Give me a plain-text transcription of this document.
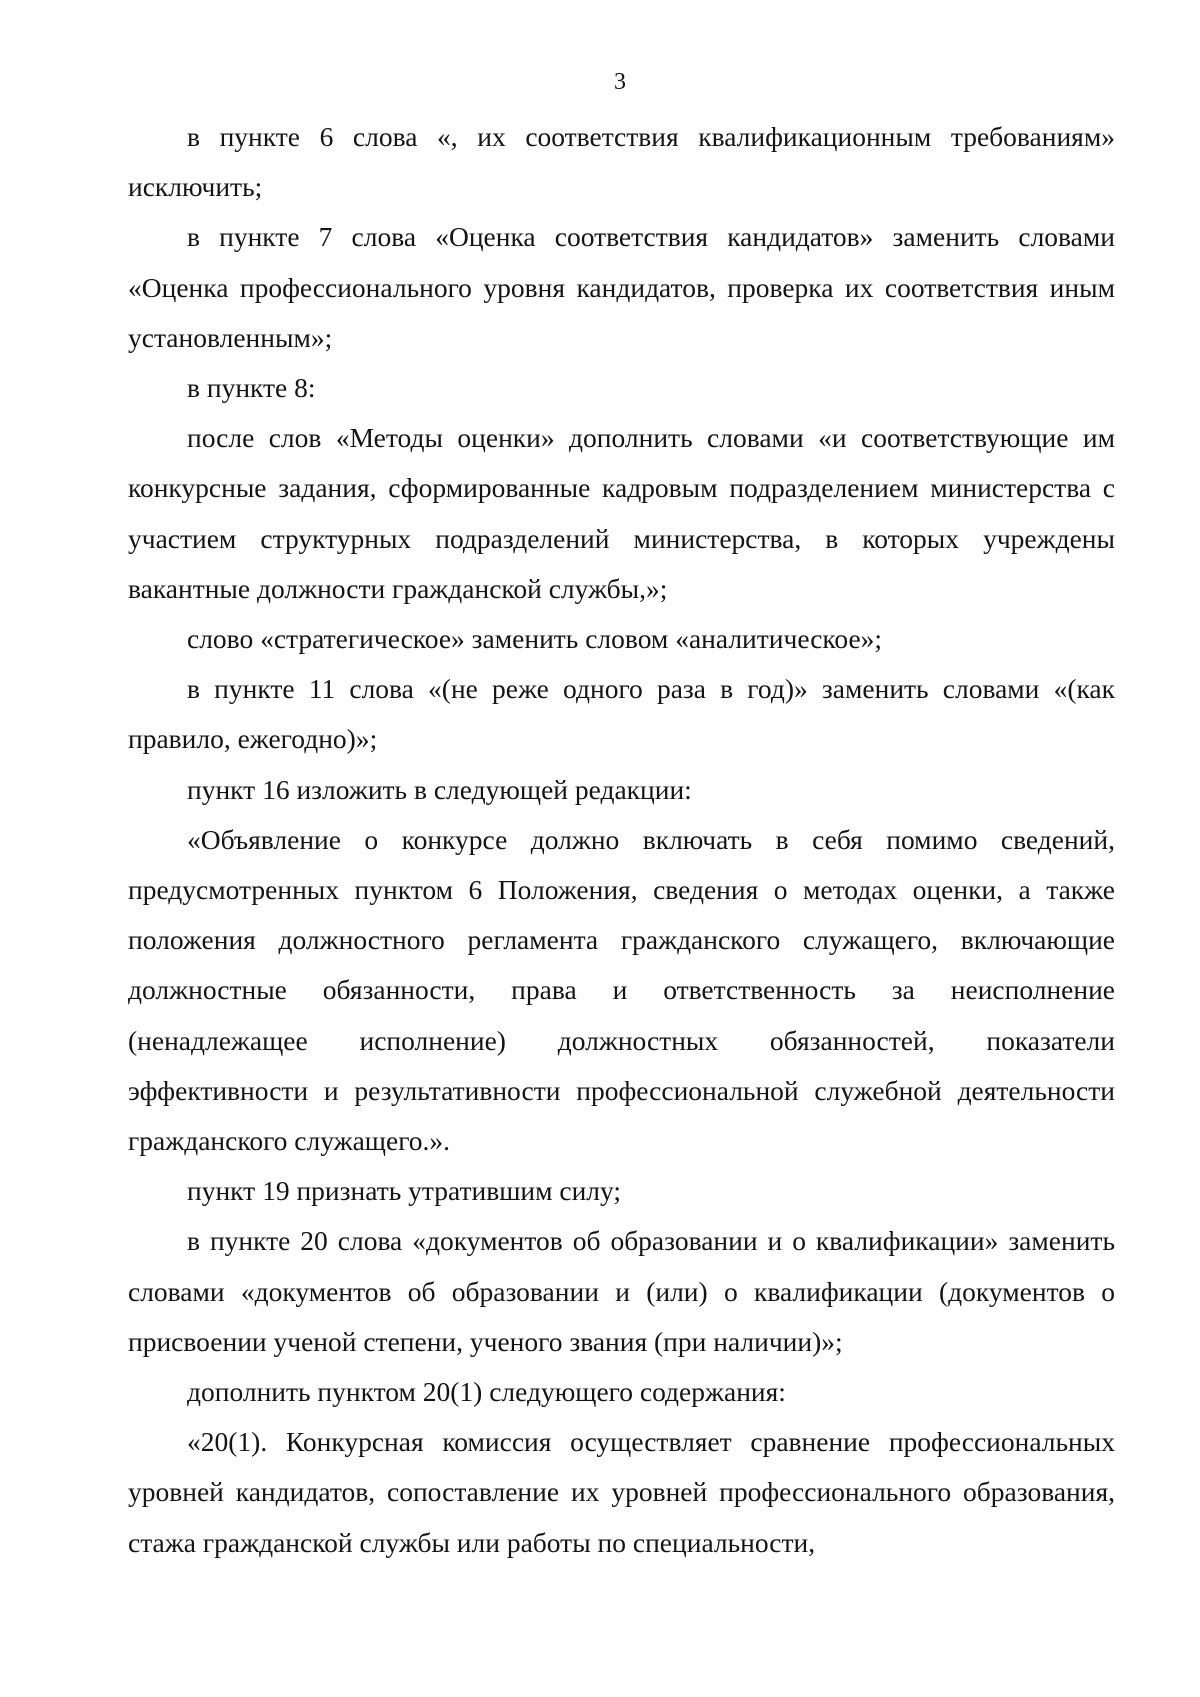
3

в пункте 6 слова «, их соответствия квалификационным требованиям» исключить;

в пункте 7 слова «Оценка соответствия кандидатов» заменить словами «Оценка профессионального уровня кандидатов, проверка их соответствия иным установленным»;

в пункте 8:

после слов «Методы оценки» дополнить словами «и соответствующие им конкурсные задания, сформированные кадровым подразделением министерства с участием структурных подразделений министерства, в которых учреждены вакантные должности гражданской службы,»;

слово «стратегическое» заменить словом «аналитическое»;

в пункте 11 слова «(не реже одного раза в год)» заменить словами «(как правило, ежегодно)»;

пункт 16 изложить в следующей редакции:

«Объявление о конкурсе должно включать в себя помимо сведений, предусмотренных пунктом 6 Положения, сведения о методах оценки, а также положения должностного регламента гражданского служащего, включающие должностные обязанности, права и ответственность за неисполнение (ненадлежащее исполнение) должностных обязанностей, показатели эффективности и результативности профессиональной служебной деятельности гражданского служащего.».

пункт 19 признать утратившим силу;

в пункте 20 слова «документов об образовании и о квалификации» заменить словами «документов об образовании и (или) о квалификации (документов о присвоении ученой степени, ученого звания (при наличии)»;

дополнить пунктом 20(1) следующего содержания:

«20(1). Конкурсная комиссия осуществляет сравнение профессиональных уровней кандидатов, сопоставление их уровней профессионального образования, стажа гражданской службы или работы по специальности,
